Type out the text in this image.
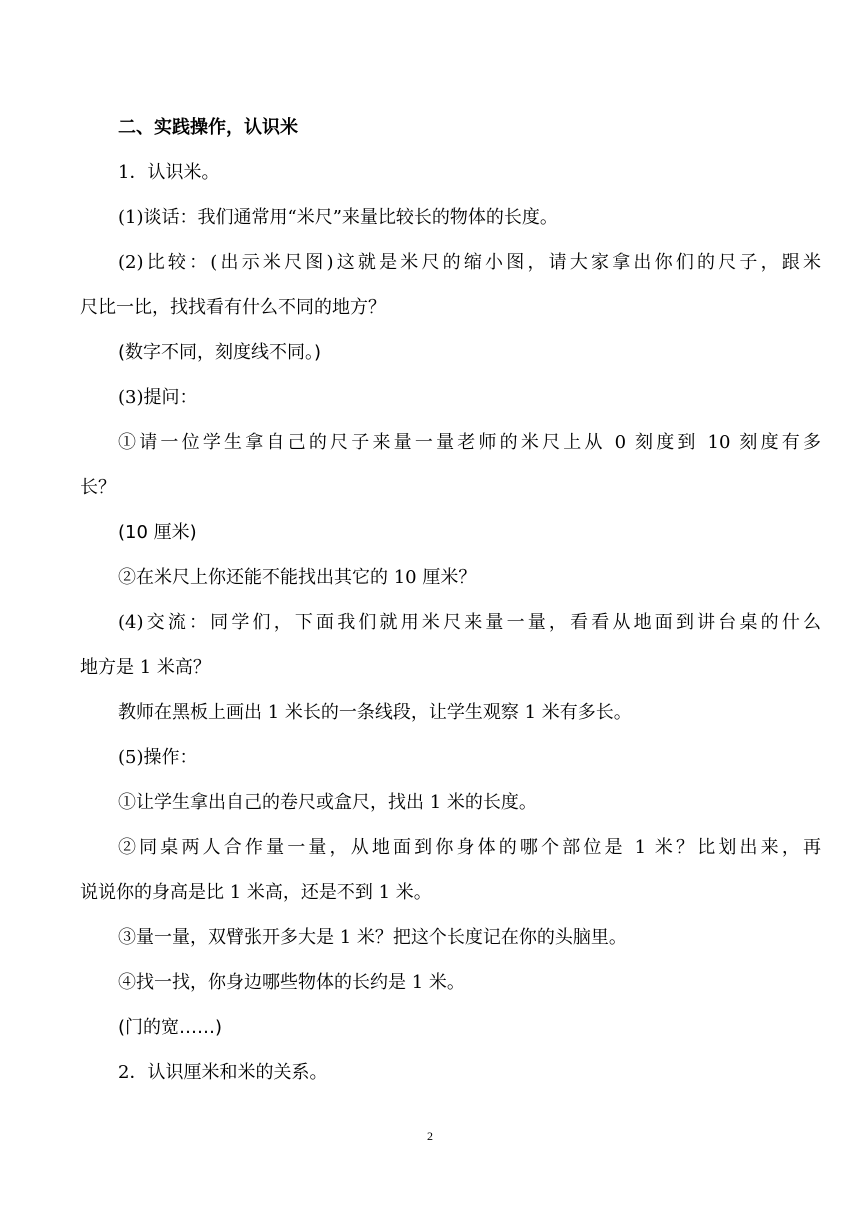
二、实践操作，认识米
1．认识米。
(1)谈话：我们通常用“米尺”来量比较长的物体的长度。
(2)比较：(出示米尺图)这就是米尺的缩小图，请大家拿出你们的尺子，跟米
尺比一比，找找看有什么不同的地方？
(数字不同，刻度线不同。)
(3)提问：
①请一位学生拿自己的尺子来量一量老师的米尺上从 0 刻度到 10 刻度有多
长？
(10 厘米)
②在米尺上你还能不能找出其它的 10 厘米？
(4)交流：同学们，下面我们就用米尺来量一量，看看从地面到讲台桌的什么
地方是 1 米高？
教师在黑板上画出 1 米长的一条线段，让学生观察 1 米有多长。
(5)操作：
①让学生拿出自己的卷尺或盒尺，找出 1 米的长度。
②同桌两人合作量一量，从地面到你身体的哪个部位是 1 米？比划出来，再
说说你的身高是比 1 米高，还是不到 1 米。
③量一量，双臂张开多大是 1 米？把这个长度记在你的头脑里。
④找一找，你身边哪些物体的长约是 1 米。
(门的宽……)
2．认识厘米和米的关系。
2
